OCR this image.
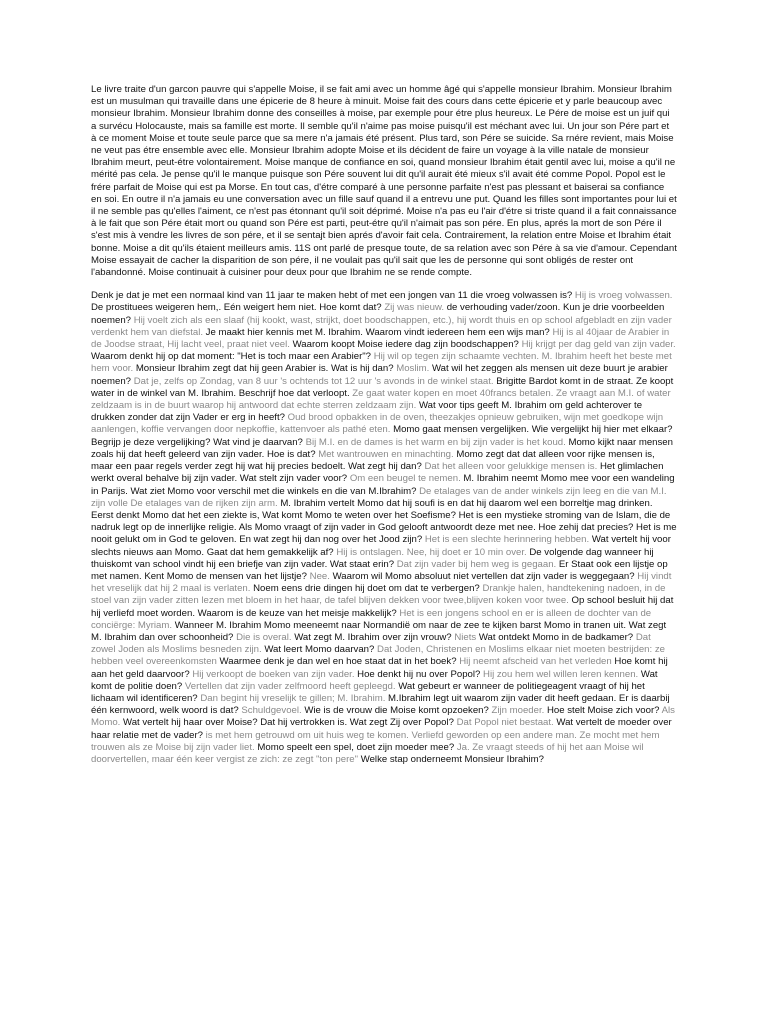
Le livre traite d'un garcon pauvre qui s'appelle Moise, il se fait ami avec un homme âgé qui s'appelle monsieur Ibrahim. Monsieur Ibrahim est un musulman qui travaille dans une épicerie de 8 heure à minuit. Moise fait des cours dans cette épicerie et y parle beaucoup avec monsieur Ibrahim. Monsieur Ibrahim donne des conseilles à moise, par exemple pour étre plus heureux. Le Pére de moise est un juif qui a survécu Holocauste, mais sa famille est morte. Il semble qu'il n'aime pas moise puisqu'il est méchant avec lui. Un jour son Pére part et à ce moment Moise et toute seule parce que sa mere n'a jamais été présent. Plus tard, son Pére se suicide. Sa rnére revient, mais Moise ne veut pas étre ensemble avec elle. Monsieur Ibrahim adopte Moise et ils décident de faire un voyage à la ville natale de monsieur Ibrahim meurt, peut-étre volontairement. Moise manque de confiance en soi, quand monsieur Ibrahim était gentil avec lui, moise a qu'il ne mérité pas cela. Je pense qu'il le manque puisque son Pére souvent lui dit qu'il aurait été mieux s'il avait été comme Popol. Popol est le frére parfait de Moise qui est pa Morse. En tout cas, d'étre comparé à une personne parfaite n'est pas plessant et baiserai sa confiance en soi. En outre il n'a jamais eu une conversation avec un fille sauf quand il a entrevu une put. Quand les filles sont importantes pour lui et il ne semble pas qu'elles l'aiment, ce n'est pas étonnant qu'il soit déprimé. Moise n'a pas eu l'air d'étre si triste quand il a fait connaissance à le fait que son Pére était mort ou quand son Pére est parti, peut-étre qu'il n'aimait pas son pére. En plus, aprés la mort de son Pére il s'est mis à vendre les livres de son pére, et il se sentajt bien aprés d'avoir fait cela. Contrairement, la relation entre Moise et Ibrahim était bonne. Moise a dit qu'ils étaient meilleurs amis. 11S ont parlé de presque toute, de sa relation avec son Pére à sa vie d'amour. Cependant Moise essayait de cacher la disparition de son pére, il ne voulait pas qu'il sait que les de personne qui sont obligés de rester ont l'abandonné. Moise continuait à cuisiner pour deux pour que Ibrahim ne se rende compte.

Denk je dat je met een normaal kind van 11 jaar te maken hebt of met een jongen van 11 die vroeg volwassen is? Hij is vroeg volwassen. De prostituees weigeren hem,. Eén weigert hem niet. Hoe komt dat? Zij was nieuw. de verhouding vader/zoon. Kun je drie voorbeelden noemen? Hij voelt zich als een slaaf (hij kookt, wast, strijkt, doet boodschappen, etc.), hij wordt thuis en op school afgebladt en zijn vader verdenkt hem van diefstal. Je maakt hier kennis met M. Ibrahim. Waarom vindt iedereen hem een wijs man? Hij is al 40jaar de Arabier in de Joodse straat, Hij lacht veel, praat niet veel. Waarom koopt Moise iedere dag zijn boodschappen? Hij krijgt per dag geld van zijn vader. Waarom denkt hij op dat moment: "Het is toch maar een Arabier"? Hij wil op tegen zijn schaamte vechten. M. Ibrahim heeft het beste met hem voor. Monsieur Ibrahim zegt dat hij geen Arabier is. Wat is hij dan? Moslim. Wat wil het zeggen als mensen uit deze buurt je arabier noemen? Dat je, zelfs op Zondag, van 8 uur 's ochtends tot 12 uur 's avonds in de winkel staat. Brigitte Bardot komt in de straat. Ze koopt water in de winkel van M. Ibrahim. Beschrijf hoe dat verloopt. Ze gaat water kopen en moet 40francs betalen. Ze vraagt aan M.I. of water zeldzaam is in de buurt waarop hij antwoord dat echte sterren zeldzaam zijn. Wat voor tips geeft M. Ibrahim om geld achterover te drukken zonder dat zijn Vader er erg in heeft? Oud brood opbakken in de oven, theezakjes opnieuw gebruiken, wijn met goedkope wijn aanlengen, koffie vervangen door nepkoffie, kattenvoer als pathé eten. Momo gaat mensen vergelijken. Wie vergelijkt hij hier met elkaar? Begrijp je deze vergelijking? Wat vind je daarvan? Bij M.I. en de dames is het warm en bij zijn vader is het koud. Momo kijkt naar mensen zoals hij dat heeft geleerd van zijn vader. Hoe is dat? Met wantrouwen en minachting. Momo zegt dat dat alleen voor rijke mensen is, maar een paar regels verder zegt hij wat hij precies bedoelt. Wat zegt hij dan? Dat het alleen voor gelukkige mensen is. Het glimlachen werkt overal behalve bij zijn vader. Wat stelt zijn vader voor? Om een beugel te nemen. M. Ibrahim neemt Momo mee voor een wandeling in Parijs. Wat ziet Momo voor verschil met die winkels en die van M.Ibrahim? De etalages van de ander winkels zijn leeg en die van M.I. zijn volle De etalages van de rijken zijn arm. M. Ibrahim vertelt Momo dat hij soufi is en dat hij daarom wel een borreltje mag drinken. Eerst denkt Momo dat het een ziekte is, Wat komt Momo te weten over het Soefisme? Het is een mystieke stroming van de Islam, die de nadruk legt op de innerlijke religie. Als Momo vraagt of zijn vader in God gelooft antwoordt deze met nee. Hoe zehij dat precies? Het is me nooit gelukt om in God te geloven. En wat zegt hij dan nog over het Jood zijn? Het is een slechte herinnering hebben. Wat vertelt hij voor slechts nieuws aan Momo. Gaat dat hem gemakkelijk af? Hij is ontslagen. Nee, hij doet er 10 min over. De volgende dag wanneer hij thuiskomt van school vindt hij een briefje van zijn vader. Wat staat erin? Dat zijn vader bij hem weg is gegaan. Er Staat ook een lijstje op met namen. Kent Momo de mensen van het lijstje? Nee. Waarom wil Momo absoluut niet vertellen dat zijn vader is weggegaan? Hij vindt het vreselijk dat hij 2 maal is verlaten. Noem eens drie dingen hij doet om dat te verbergen? Drankje halen, handtekening nadoen, in de stoel van zijn vader zitten lezen met bloem in het haar, de tafel blijven dekken voor twee,blijven koken voor twee. Op school besluit hij dat hij verliefd moet worden. Waarom is de keuze van het meisje makkelijk? Het is een jongens school en er is alleen de dochter van de conciërge: Myriam. Wanneer M. Ibrahim Momo meeneemt naar Normandië om naar de zee te kijken barst Momo in tranen uit. Wat zegt M. Ibrahim dan over schoonheid? Die is overal. Wat zegt M. Ibrahim over zijn vrouw? Niets Wat ontdekt Momo in de badkamer? Dat zowel Joden als Moslims besneden zijn. Wat leert Momo daarvan? Dat Joden, Christenen en Moslims elkaar niet moeten bestrijden: ze hebben veel overeenkomsten Waarmee denk je dan wel en hoe staat dat in het boek? Hij neemt afscheid van het verleden Hoe komt hij aan het geld daarvoor? Hij verkoopt de boeken van zijn vader. Hoe denkt hij nu over Popol? Hij zou hem wel willen leren kennen. Wat komt de politie doen? Vertellen dat zijn vader zelfmoord heeft gepleegd. Wat gebeurt er wanneer de politiegeagent vraagt of hij het lichaam wil identificeren? Dan begint hij vreselijk te gillen; M. Ibrahim. M.Ibrahim legt uit waarom zijn vader dit heeft gedaan. Er is daarbij één kernwoord, welk woord is dat? Schuldgevoel. Wie is de vrouw die Moise komt opzoeken? Zijn moeder. Hoe stelt Moise zich voor? Als Momo. Wat vertelt hij haar over Moise? Dat hij vertrokken is. Wat zegt Zij over Popol? Dat Popol niet bestaat. Wat vertelt de moeder over haar relatie met de vader? is met hem getrouwd om uit huis weg te komen. Verliefd geworden op een andere man. Ze mocht met hem trouwen als ze Moise bij zijn vader liet. Momo speelt een spel, doet zijn moeder mee? Ja. Ze vraagt steeds of hij het aan Moise wil doorvertellen, maar één keer vergist ze zich: ze zegt "ton pere" Welke stap onderneemt Monsieur Ibrahim?
